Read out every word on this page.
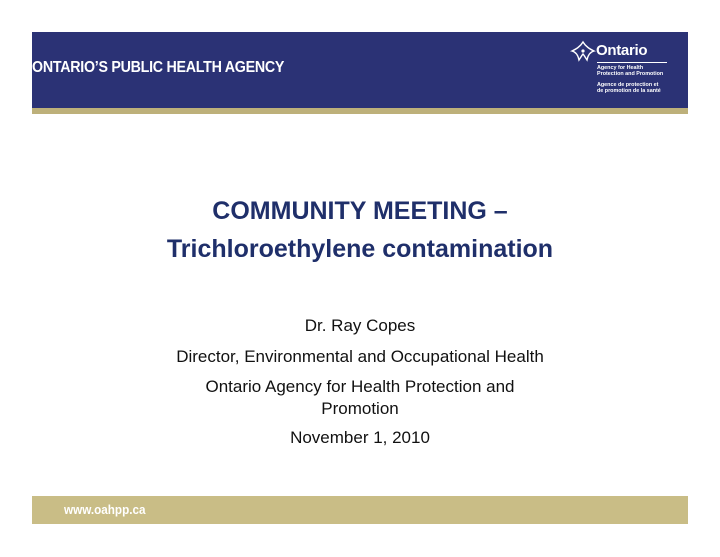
ONTARIO’S PUBLIC HEALTH AGENCY
Ontario
Agency for Health
Protection and Promotion
Agence de protection et
de promotion de la santé
COMMUNITY MEETING –
Trichloroethylene contamination
Dr. Ray Copes
Director, Environmental and Occupational Health
Ontario Agency for Health Protection and
Promotion
November 1, 2010
www.oahpp.ca
